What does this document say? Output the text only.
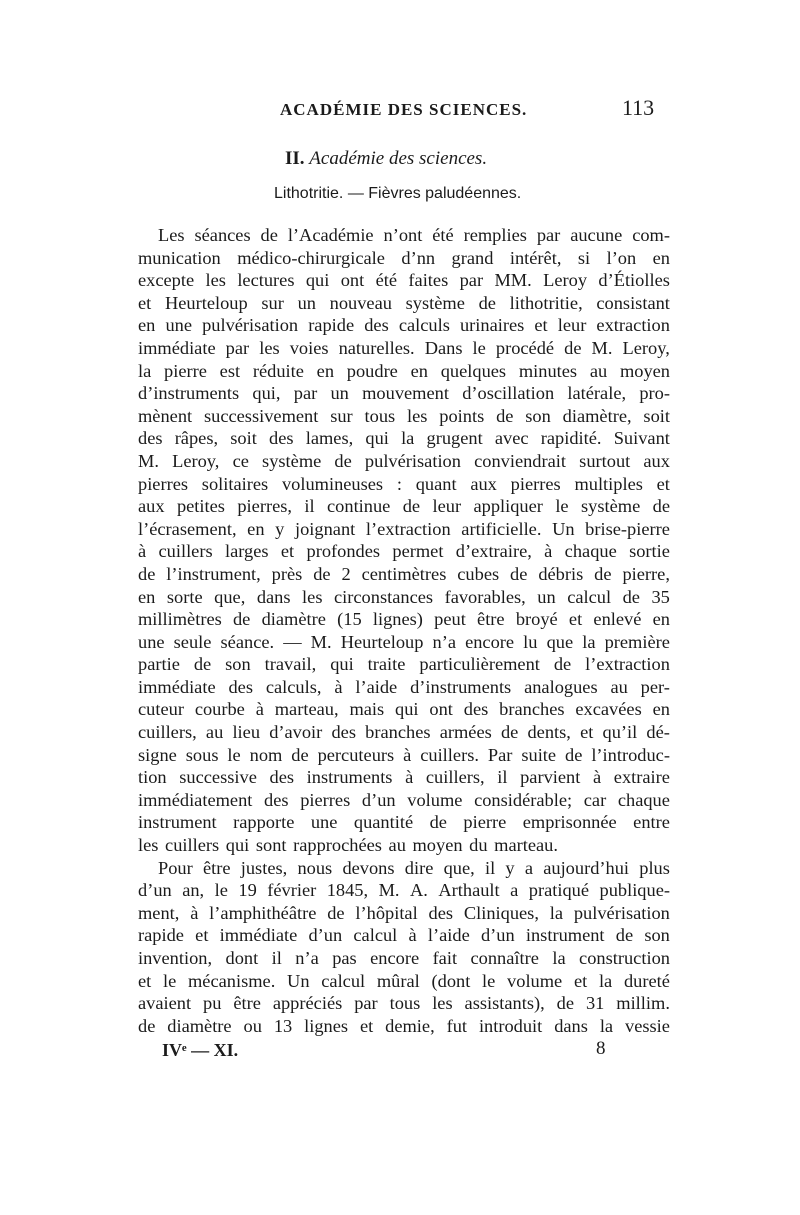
ACADÉMIE DES SCIENCES.	113
II. Académie des sciences.
Lithotritie. — Fièvres paludéennes.
Les séances de l’Académie n’ont été remplies par aucune com-
munication médico-chirurgicale d’nn grand intérêt, si l’on en
excepte les lectures qui ont été faites par MM. Leroy d’Étiolles
et Heurteloup sur un nouveau système de lithotritie, consistant
en une pulvérisation rapide des calculs urinaires et leur extraction
immédiate par les voies naturelles. Dans le procédé de M. Leroy,
la pierre est réduite en poudre en quelques minutes au moyen
d’instruments qui, par un mouvement d’oscillation latérale, pro-
mènent successivement sur tous les points de son diamètre, soit
des râpes, soit des lames, qui la grugent avec rapidité. Suivant
M. Leroy, ce système de pulvérisation conviendrait surtout aux
pierres solitaires volumineuses : quant aux pierres multiples et
aux petites pierres, il continue de leur appliquer le système de
l’écrasement, en y joignant l’extraction artificielle. Un brise-pierre
à cuillers larges et profondes permet d’extraire, à chaque sortie
de l’instrument, près de 2 centimètres cubes de débris de pierre,
en sorte que, dans les circonstances favorables, un calcul de 35
millimètres de diamètre (15 lignes) peut être broyé et enlevé en
une seule séance. — M. Heurteloup n’a encore lu que la première
partie de son travail, qui traite particulièrement de l’extraction
immédiate des calculs, à l’aide d’instruments analogues au per-
cuteur courbe à marteau, mais qui ont des branches excavées en
cuillers, au lieu d’avoir des branches armées de dents, et qu’il dé-
signe sous le nom de percuteurs à cuillers. Par suite de l’introduc-
tion successive des instruments à cuillers, il parvient à extraire
immédiatement des pierres d’un volume considérable; car chaque
instrument rapporte une quantité de pierre emprisonnée entre
les cuillers qui sont rapprochées au moyen du marteau.
Pour être justes, nous devons dire que, il y a aujourd’hui plus
d’un an, le 19 février 1845, M. A. Arthault a pratiqué publique-
ment, à l’amphithéâtre de l’hôpital des Cliniques, la pulvérisation
rapide et immédiate d’un calcul à l’aide d’un instrument de son
invention, dont il n’a pas encore fait connaître la construction
et le mécanisme. Un calcul mûral (dont le volume et la dureté
avaient pu être appréciés par tous les assistants), de 31 millim.
de diamètre ou 13 lignes et demie, fut introduit dans la vessie
IVᵉ — XI.	8
